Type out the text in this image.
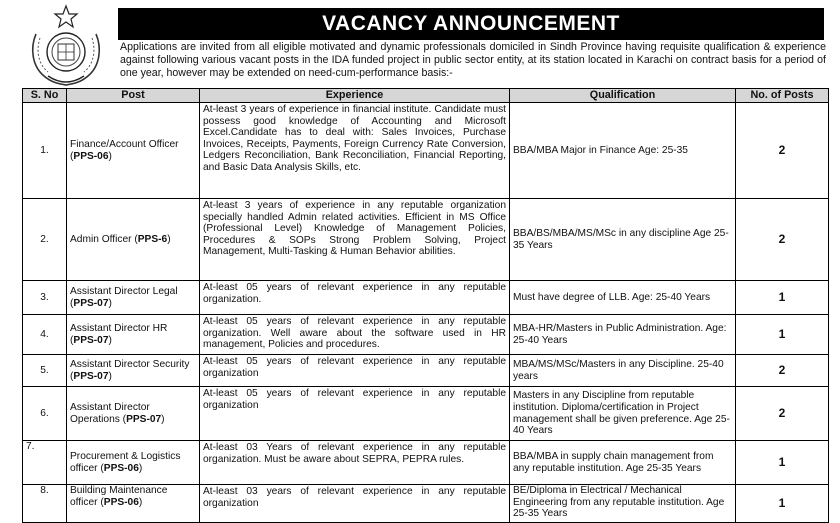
VACANCY ANNOUNCEMENT
Applications are invited from all eligible motivated and dynamic professionals domiciled in Sindh Province having requisite qualification & experience against following various vacant posts in the IDA funded project in public sector entity, at its station located in Karachi on contract basis for a period of one year, however may be extended on need-cum-performance basis:-
S. No	Post	Experience	Qualification	No. of Posts
1.	Finance/Account Officer (PPS-06)	At-least 3 years of experience in financial institute. Candidate must possess good knowledge of Accounting and Microsoft Excel.Candidate has to deal with: Sales Invoices, Purchase Invoices, Receipts, Payments, Foreign Currency Rate Conversion, Ledgers Reconciliation, Bank Reconciliation, Financial Reporting, and Basic Data Analysis Skills, etc.	BBA/MBA Major in Finance Age: 25-35	2
2.	Admin Officer (PPS-6)	At-least 3 years of experience in any reputable organization specially handled Admin related activities. Efficient in MS Office (Professional Level) Knowledge of Management Policies, Procedures & SOPs Strong Problem Solving, Project Management, Multi-Tasking & Human Behavior abilities.	BBA/BS/MBA/MS/MSc in any discipline Age 25-35 Years	2
3.	Assistant Director Legal (PPS-07)	At-least 05 years of relevant experience in any reputable organization.	Must have degree of LLB. Age: 25-40 Years	1
4.	Assistant Director HR (PPS-07)	At-least 05 years of relevant experience in any reputable organization. Well aware about the software used in HR management, Policies and procedures.	MBA-HR/Masters in Public Administration. Age: 25-40 Years	1
5.	Assistant Director Security (PPS-07)	At-least 05 years of relevant experience in any reputable organization	MBA/MS/MSc/Masters in any Discipline. 25-40 years	2
6.	Assistant Director Operations (PPS-07)	At-least 05 years of relevant experience in any reputable organization	Masters in any Discipline from reputable institution. Diploma/certification in Project management shall be given preference. Age 25-40 Years	2
7.	Procurement & Logistics officer (PPS-06)	At-least 03 Years of relevant experience in any reputable organization. Must be aware about SEPRA, PEPRA rules.	BBA/MBA in supply chain management from any reputable institution. Age 25-35 Years	1
8.	Building Maintenance officer (PPS-06)	At-least 03 years of relevant experience in any reputable organization	BE/Diploma in Electrical / Mechanical Engineering from any reputable institution. Age 25-35 Years	1
